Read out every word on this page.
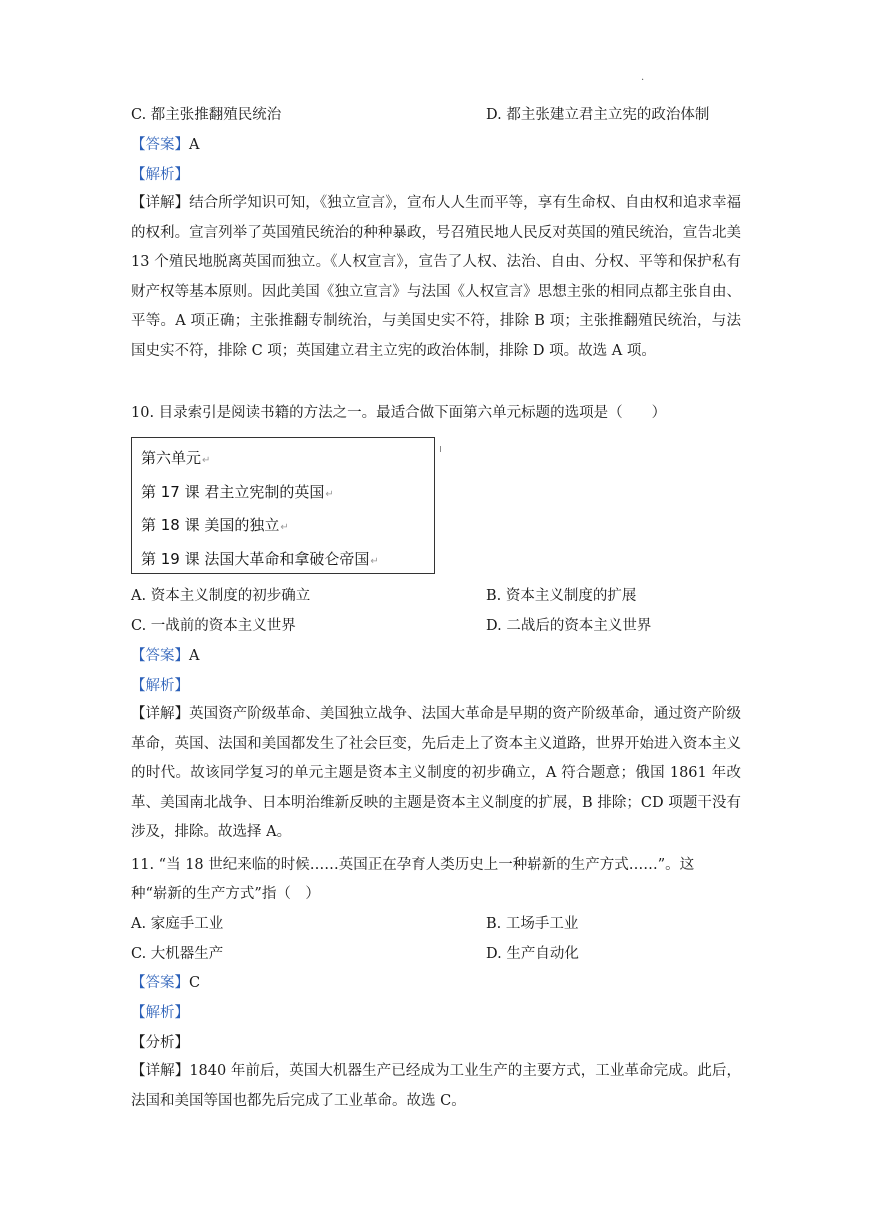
.
C. 都主张推翻殖民统治	D. 都主张建立君主立宪的政治体制
【答案】A
【解析】
【详解】结合所学知识可知，《独立宣言》，宣布人人生而平等，享有生命权、自由权和追求幸福的权利。宣言列举了英国殖民统治的种种暴政，号召殖民地人民反对英国的殖民统治，宣告北美 13 个殖民地脱离英国而独立。《人权宣言》，宣告了人权、法治、自由、分权、平等和保护私有财产权等基本原则。因此美国《独立宣言》与法国《人权宣言》思想主张的相同点都主张自由、平等。A 项正确；主张推翻专制统治，与美国史实不符，排除 B 项；主张推翻殖民统治，与法国史实不符，排除 C 项；英国建立君主立宪的政治体制，排除 D 项。故选 A 项。
10. 目录索引是阅读书籍的方法之一。最适合做下面第六单元标题的选项是（　　）
第六单元↵
第 17 课 君主立宪制的英国↵
第 18 课 美国的独立↵
第 19 课 法国大革命和拿破仑帝国↵
A. 资本主义制度的初步确立	B. 资本主义制度的扩展
C. 一战前的资本主义世界	D. 二战后的资本主义世界
【答案】A
【解析】
【详解】英国资产阶级革命、美国独立战争、法国大革命是早期的资产阶级革命，通过资产阶级革命，英国、法国和美国都发生了社会巨变，先后走上了资本主义道路，世界开始进入资本主义的时代。故该同学复习的单元主题是资本主义制度的初步确立，A 符合题意；俄国 1861 年改革、美国南北战争、日本明治维新反映的主题是资本主义制度的扩展，B 排除；CD 项题干没有涉及，排除。故选择 A。
11. “当 18 世纪来临的时候……英国正在孕育人类历史上一种崭新的生产方式……”。这
种“崭新的生产方式”指（　）
A. 家庭手工业	B. 工场手工业
C. 大机器生产	D. 生产自动化
【答案】C
【解析】
【分析】
【详解】1840 年前后，英国大机器生产已经成为工业生产的主要方式，工业革命完成。此后，法国和美国等国也都先后完成了工业革命。故选 C。
